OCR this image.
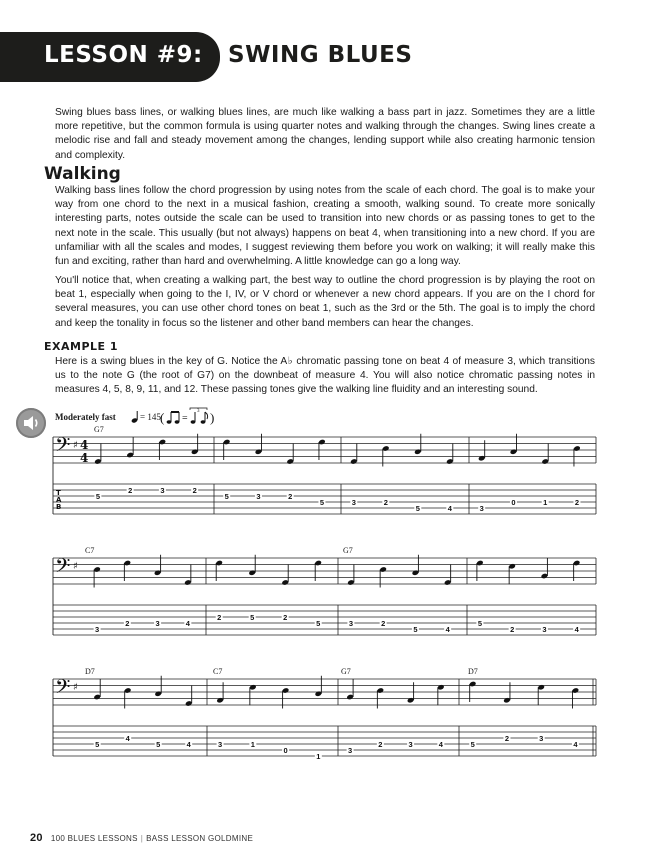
LESSON #9: SWING BLUES

Swing blues bass lines, or walking blues lines, are much like walking a bass part in jazz. Sometimes they are a little more repetitive, but the common formula is using quarter notes and walking through the changes. Swing lines create a melodic rise and fall and steady movement among the changes, lending support while also creating harmonic tension and complexity.

Walking

Walking bass lines follow the chord progression by using notes from the scale of each chord. The goal is to make your way from one chord to the next in a musical fashion, creating a smooth, walking sound. To create more sonically interesting parts, notes outside the scale can be used to transition into new chords or as passing tones to get to the next note in the scale. This usually (but not always) happens on beat 4, when transitioning into a new chord. If you are unfamiliar with all the scales and modes, I suggest reviewing them before you work on walking; it will really make this fun and exciting, rather than hard and overwhelming. A little knowledge can go a long way.

You'll notice that, when creating a walking part, the best way to outline the chord progression is by playing the root on beat 1, especially when going to the I, IV, or V chord or whenever a new chord appears. If you are on the I chord for several measures, you can use other chord tones on beat 1, such as the 3rd or the 5th. The goal is to imply the chord and keep the tonality in focus so the listener and other band members can hear the changes.

EXAMPLE 1

Here is a swing blues in the key of G. Notice the A♭ chromatic passing tone on beat 4 of measure 3, which transitions us to the note G (the root of G7) on the downbeat of measure 4. You will also notice chromatic passing notes in measures 4, 5, 8, 9, 11, and 12. These passing tones give the walking line fluidity and an interesting sound.

Moderately fast	= 145 ( =
3 )
G7
C7	G7
D7	C7	G7	D7
𝄢 ♯ 4
4
T
A
B
5
2	3	2
5	3	2
5	3	2
5	4	3
0	1	2
𝄢 ♯
3
2	3	4
2	5	2
5	3	2
5	4
5
2	3	4
𝄢 ♯
5
4
5	4	3	1
0
1
3
2	3	4	5
2	3
4
20 100 BLUES LESSONS | BASS LESSON GOLDMINE
